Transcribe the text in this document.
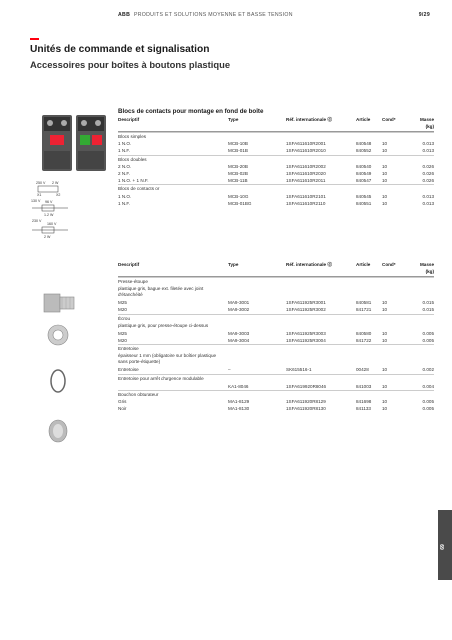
ABB PRODUITS ET SOLUTIONS MOYENNE ET BASSE TENSION	9/29
Unités de commande et signalisation
Accessoires pour boîtes à boutons plastique
250 V 2 W
X1	X2
130 V 96 V
1.2 W
230 V
160 V
2 W
Blocs de contacts pour montage en fond de boîte
Descriptif	Type	Réf. internationale ⓓ	Article	Cond*	Masse
(kg)
Blocs simples
1 N.O.	MCB-10B	1SFA611610R2001	840548 10	0.013
1 N.F.	MCB-01B	1SFA611610R2010	840552 10	0.013
Blocs doubles
2 N.O.	MCB-20B	1SFA611610R2002	840540 10	0.026
2 N.F.	MCB-02B	1SFA611610R2020	840549 10	0.026
1 N.O. + 1 N.F.	MCB-11B	1SFA611610R2011	840547 10	0.026
Blocs de contacts or
1 N.O.	MCB-10G	1SFA611610R2101	840545 10	0.013
1 N.F.	MCB-01BG	1SFA611610R2110	840551 10	0.013
Descriptif	Type	Réf. internationale ⓓ	Article	Cond*	Masse
(kg)
Presse-étoupe
plastique gris, bague ext. filetée avec joint d'étanchéité
M25	MA9-3001	1SFA611925R3001	840581 10	0.015
M20	MA9-3002	1SFA611925R3002	841721 10	0.015
Écrou
plastique gris, pour presse-étoupe ci-dessus
M25	MA9-3003	1SFA611925R3003	840580 10	0.005
M20	MA9-3004	1SFA611925R3004	841722 10	0.005
Entretoise
épaisseur 1 mm (obligatoire sur boîtier plastique sans porte-étiquette)
Entretoise	–	SK615516-1	00428	10	0.002
Entretoise pour arrêt d'urgence modulable
KA1-8046	1SFA619920R8046	841003 10	0.004
Bouchon obturateur
Gris	MA1-8129	1SFA611920R8129	841698 10	0.005
Noir	MA1-8130	1SFA611920R8130	841133 10	0.005
69
